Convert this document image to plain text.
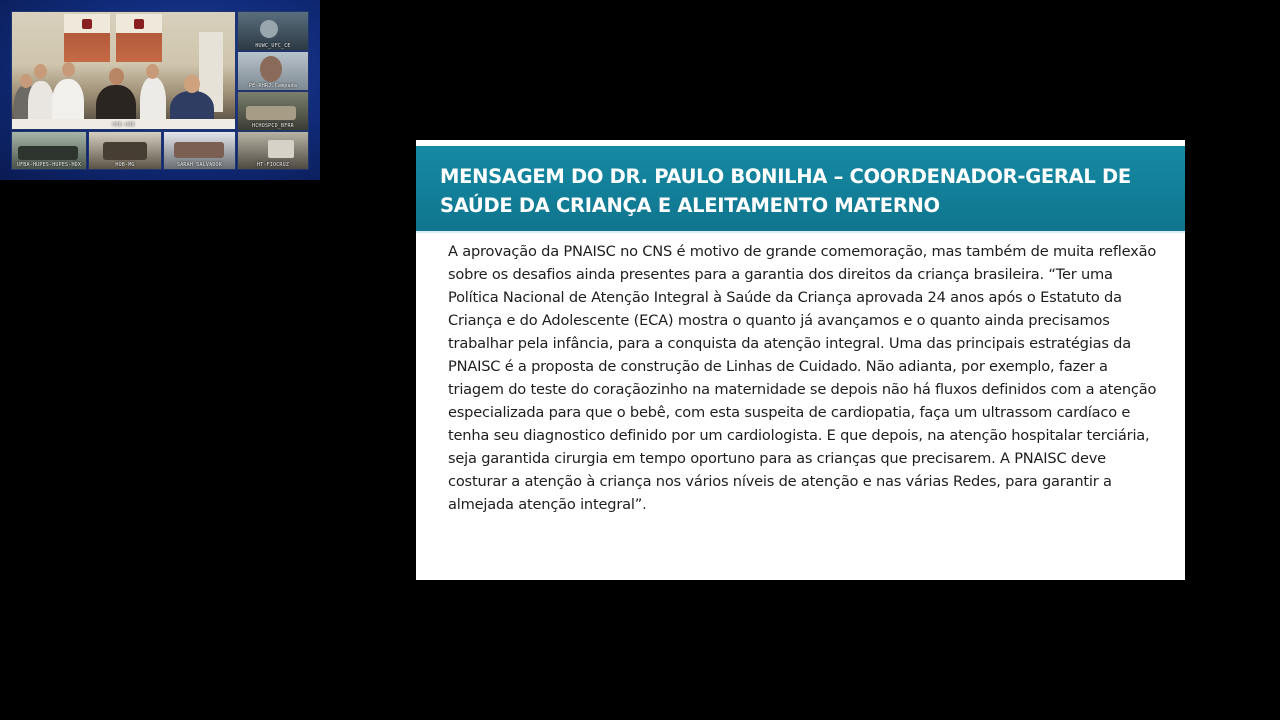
HOB-UNB
HUWC_UFC_CE
PE-RHRJ.Campada
HCHOSPCD_BFRR
UFBA-HUPES-HUPES-HDX	HOB-MG	SARAH SALVADOR	HT-FIOCRUZ	MENSAGEM DO DR. PAULO BONILHA – COORDENADOR-GERAL DE SAÚDE DA CRIANÇA E ALEITAMENTO MATERNO

A aprovação da PNAISC no CNS é motivo de grande comemoração, mas também de muita reflexão sobre os desafios ainda presentes para a garantia dos direitos da criança brasileira. “Ter uma Política Nacional de Atenção Integral à Saúde da Criança aprovada 24 anos após o Estatuto da Criança e do Adolescente (ECA) mostra o quanto já avançamos e o quanto ainda precisamos trabalhar pela infância, para a conquista da atenção integral. Uma das principais estratégias da PNAISC é a proposta de construção de Linhas de Cuidado. Não adianta, por exemplo, fazer a triagem do teste do coraçãozinho na maternidade se depois não há fluxos definidos com a atenção especializada para que o bebê, com esta suspeita de cardiopatia, faça um ultrassom cardíaco e tenha seu diagnostico definido por um cardiologista. E que depois, na atenção hospitalar terciária, seja garantida cirurgia em tempo oportuno para as crianças que precisarem. A PNAISC deve costurar a atenção à criança nos vários níveis de atenção e nas várias Redes, para garantir a almejada atenção integral”.
